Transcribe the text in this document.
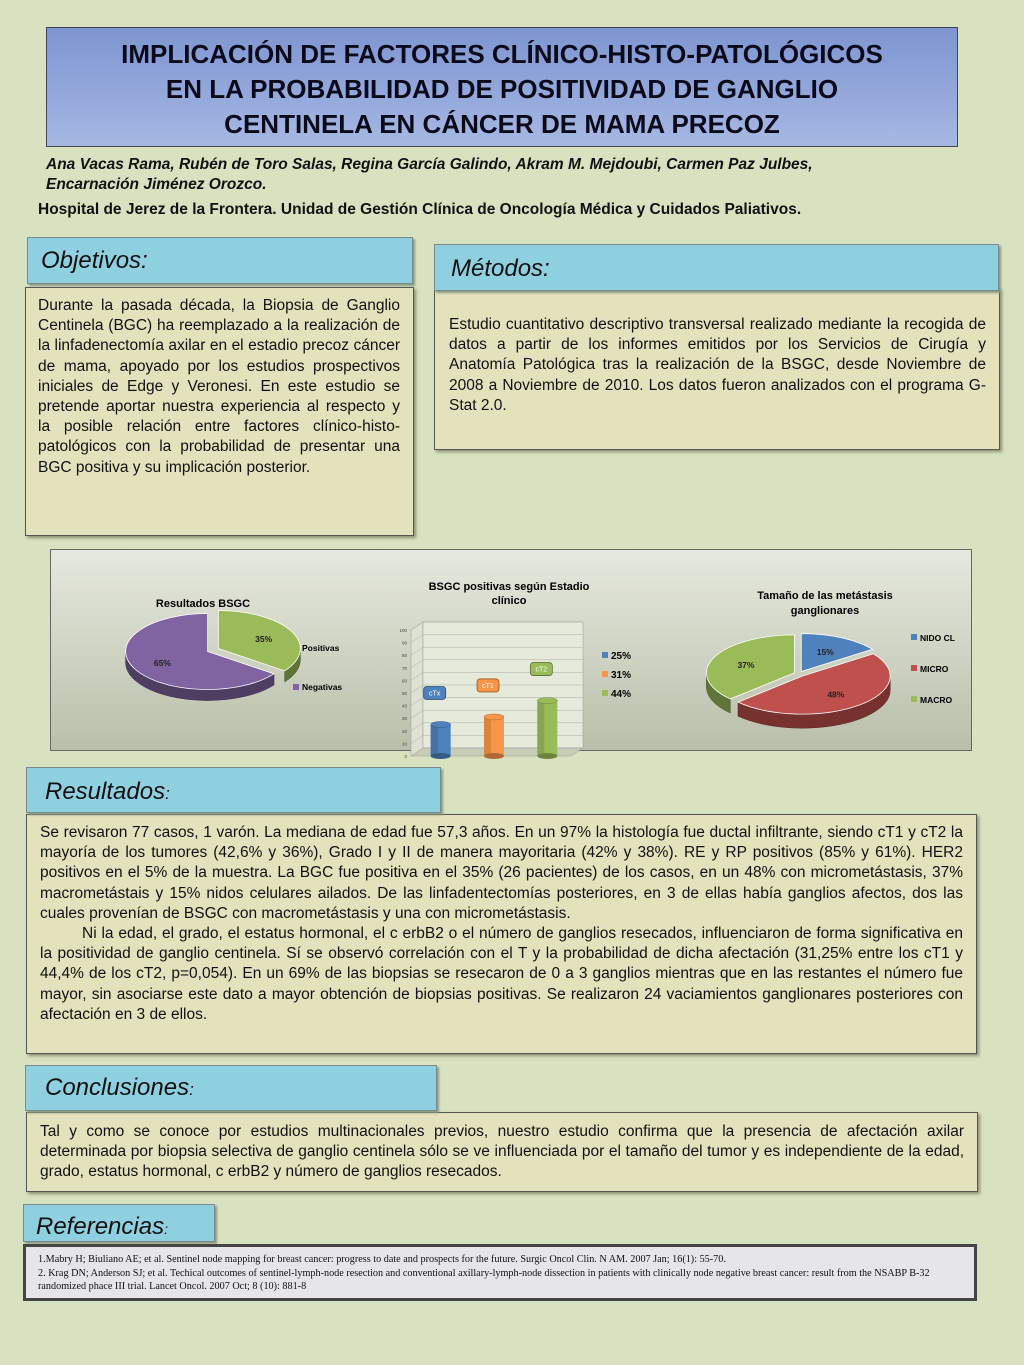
IMPLICACIÓN DE FACTORES CLÍNICO-HISTO-PATOLÓGICOS
EN LA PROBABILIDAD DE POSITIVIDAD DE GANGLIO
CENTINELA EN CÁNCER DE MAMA PRECOZ
Ana Vacas Rama, Rubén de Toro Salas, Regina García Galindo, Akram M. Mejdoubi, Carmen Paz Julbes,
Encarnación Jiménez Orozco.
Hospital de Jerez de la Frontera. Unidad de Gestión Clínica de Oncología Médica y Cuidados Paliativos.

Durante la pasada década, la Biopsia de Ganglio Centinela (BGC) ha reemplazado a la realización de la linfadenectomía axilar en el estadio precoz cáncer de mama, apoyado por los estudios prospectivos iniciales de Edge y Veronesi. En este estudio se pretende aportar nuestra experiencia al respecto y la posible relación entre factores clínico-histo-patológicos con la probabilidad de presentar una BGC positiva y su implicación posterior.

Objetivos:

Estudio cuantitativo descriptivo transversal realizado mediante la recogida de datos a partir de los informes emitidos por los Servicios de Cirugía y Anatomía Patológica tras la realización de la BSGC, desde Noviembre de 2008 a Noviembre de 2010. Los datos fueron analizados con el programa G-Stat 2.0.

Métodos:
Resultados BSGC
35%
65%
Positivas
Negativas
BSGC positivas según Estadio
clínico
0
10
20
30
40
50
60
70
80
90
100
cTx
cT1
cT2
25%
31%
44%
Tamaño de las metástasis
ganglionares
15%
48%
37%
NIDO CL
MICRO
MACRO

Se revisaron 77 casos, 1 varón. La mediana de edad fue 57,3 años. En un 97% la histología fue ductal infiltrante, siendo cT1 y cT2 la mayoría de los tumores (42,6% y 36%), Grado I y II de manera mayoritaria (42% y 38%). RE y RP positivos (85% y 61%). HER2 positivos en el 5% de la muestra. La BGC fue positiva en el 35% (26 pacientes) de los casos, en un 48% con micrometástasis, 37% macrometástais y 15% nidos celulares ailados. De las linfadentectomías posteriores, en 3 de ellas había ganglios afectos, dos las cuales provenían de BSGC con macrometástasis y una con micrometástasis.

Ni la edad, el grado, el estatus hormonal, el c erbB2 o el número de ganglios resecados, influenciaron de forma significativa en la positividad de ganglio centinela. Sí se observó correlación con el T y la probabilidad de dicha afectación (31,25% entre los cT1 y 44,4% de los cT2, p=0,054). En un 69% de las biopsias se resecaron de 0 a 3 ganglios mientras que en las restantes el número fue mayor, sin asociarse este dato a mayor obtención de biopsias positivas. Se realizaron 24 vaciamientos ganglionares posteriores con afectación en 3 de ellos.

Resultados:

Tal y como se conoce por estudios multinacionales previos, nuestro estudio confirma que la presencia de afectación axilar determinada por biopsia selectiva de ganglio centinela sólo se ve influenciada por el tamaño del tumor y es independiente de la edad, grado, estatus hormonal, c erbB2 y número de ganglios resecados.

Conclusiones:
Referencias:

1.Mabry H; Biuliano AE; et al. Sentinel node mapping for breast cancer: progress to date and prospects for the future. Surgic Oncol Clin. N AM. 2007 Jan; 16(1): 55-70.

2. Krag DN; Anderson SJ; et al. Techical outcomes of sentinel-lymph-node resection and conventional axillary-lymph-node dissection in patients with clinically node negative breast cancer: result from the NSABP B-32 randomized phace III trial. Lancet Oncol. 2007 Oct; 8 (10): 881-8
